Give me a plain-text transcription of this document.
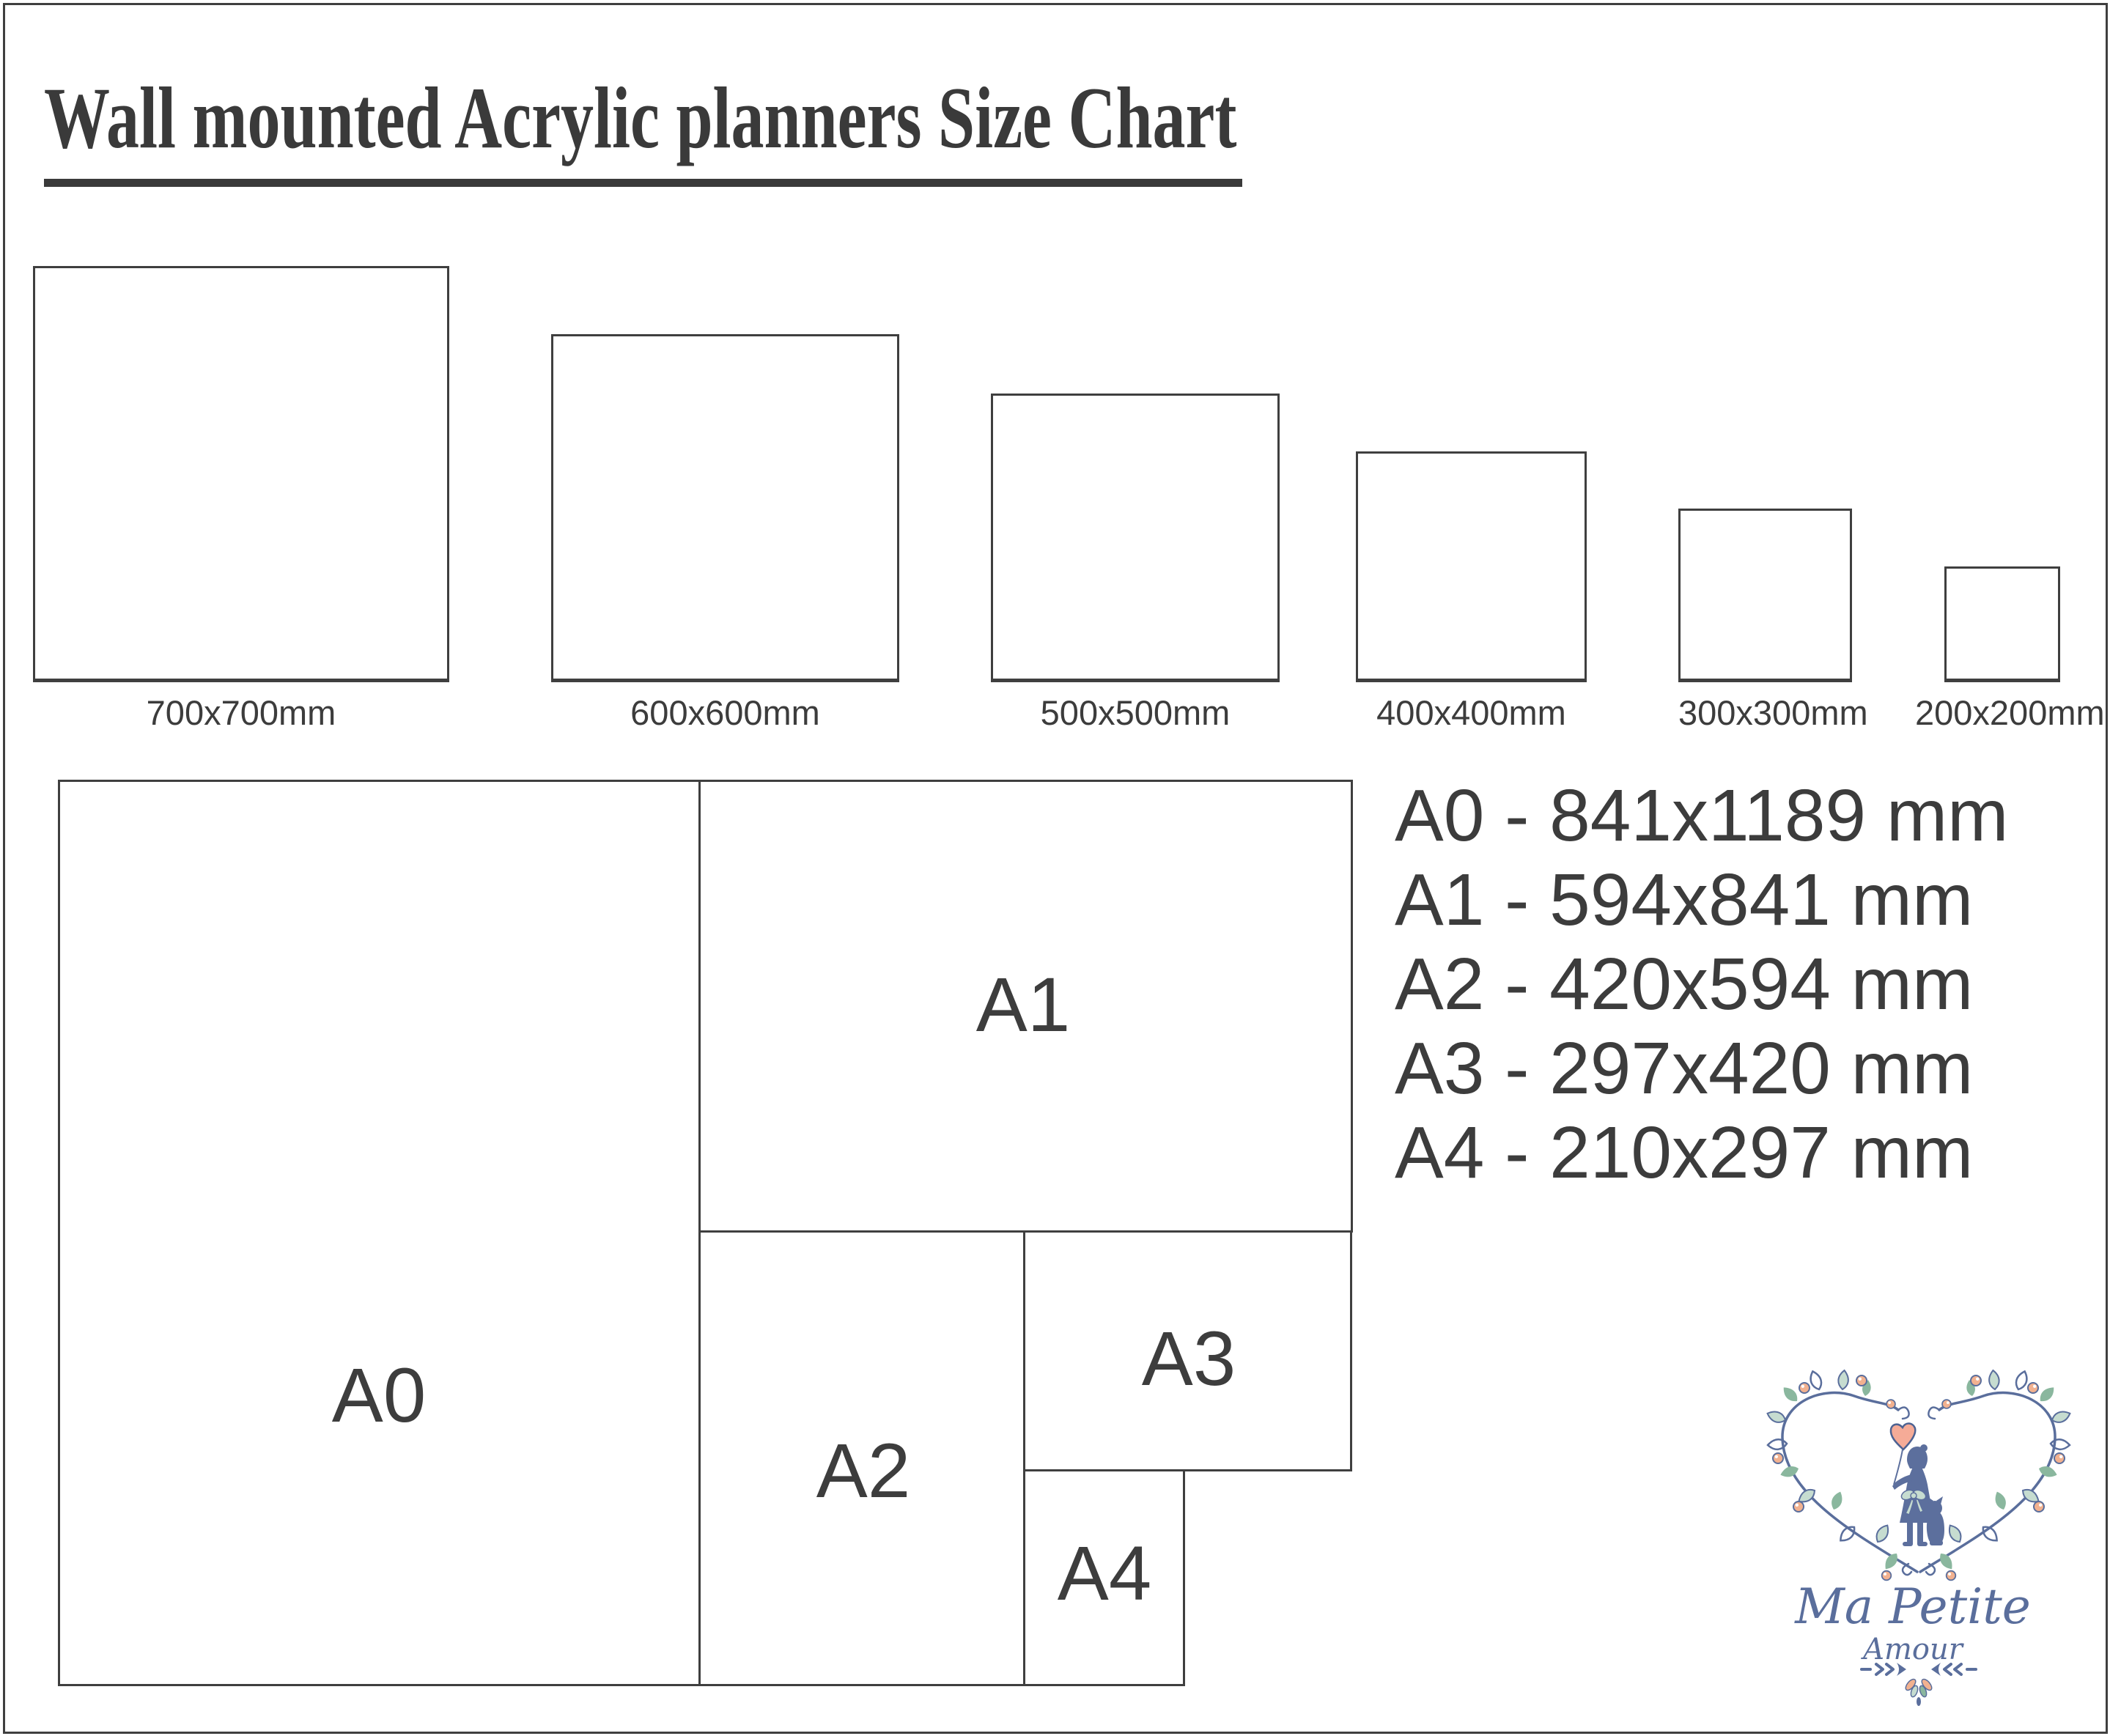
Wall mounted Acrylic planners Size Chart
700x700mm	600x600mm	500x500mm	400x400mm	300x300mm 200x200mm
A0
A1
A2
A3
A4
A0 - 841x1189 mm
A1 - 594x841 mm
A2 - 420x594 mm
A3 - 297x420 mm
A4 - 210x297 mm
Ma Petite
Amour
